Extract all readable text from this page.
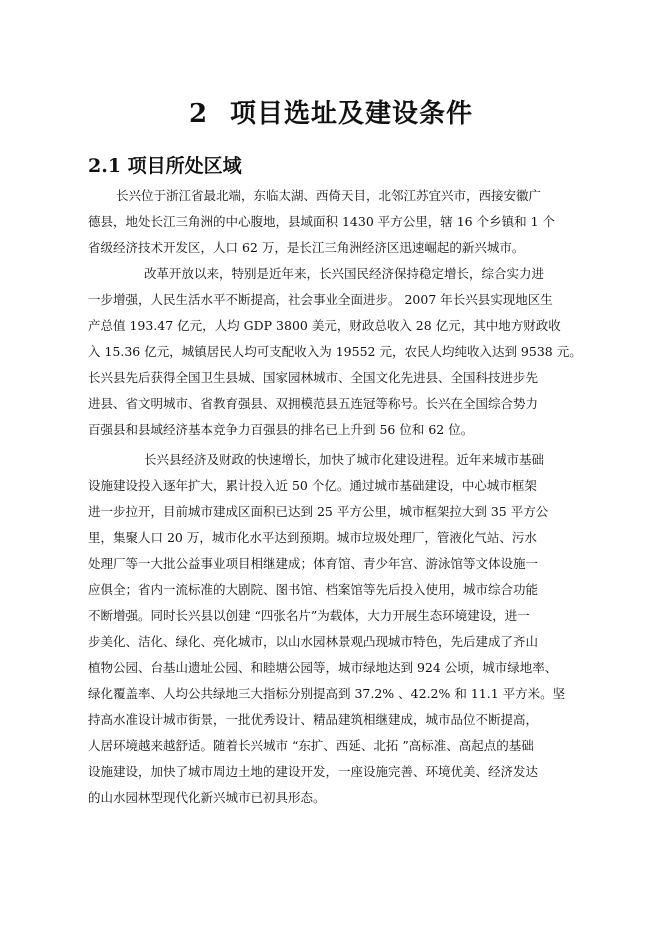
2 项目选址及建设条件
2.1 项目所处区域
长兴位于浙江省最北端，东临太湖、西倚天目，北邻江苏宜兴市，西接安徽广
德县，地处长江三角洲的中心腹地，县域面积 1430 平方公里，辖 16 个乡镇和 1 个
省级经济技术开发区，人口 62 万，是长江三角洲经济区迅速崛起的新兴城市。
改革开放以来，特别是近年来，长兴国民经济保持稳定增长，综合实力进
一步增强，人民生活水平不断提高，社会事业全面进步。 2007 年长兴县实现地区生
产总值 193.47 亿元，人均 GDP 3800 美元，财政总收入 28 亿元，其中地方财政收
入 15.36 亿元，城镇居民人均可支配收入为 19552 元，农民人均纯收入达到 9538 元。
长兴县先后获得全国卫生县城、国家园林城市、全国文化先进县、全国科技进步先
进县、省文明城市、省教育强县、双拥模范县五连冠等称号。长兴在全国综合势力
百强县和县域经济基本竞争力百强县的排名已上升到 56 位和 62 位。
长兴县经济及财政的快速增长，加快了城市化建设进程。近年来城市基础
设施建设投入逐年扩大，累计投入近 50 个亿。通过城市基础建设，中心城市框架
进一步拉开，目前城市建成区面积已达到 25 平方公里，城市框架拉大到 35 平方公
里，集聚人口 20 万，城市化水平达到预期。城市垃圾处理厂，管液化气站、污水
处理厂等一大批公益事业项目相继建成；体育馆、青少年宫、游泳馆等文体设施一
应俱全；省内一流标准的大剧院、图书馆、档案馆等先后投入使用，城市综合功能
不断增强。同时长兴县以创建 “四张名片”为载体，大力开展生态环境建设，进一
步美化、洁化、绿化、亮化城市，以山水园林景观凸现城市特色，先后建成了齐山
植物公园、台基山遗址公园、和睦塘公园等，城市绿地达到 924 公顷，城市绿地率、
绿化覆盖率、人均公共绿地三大指标分别提高到 37.2% 、42.2% 和 11.1 平方米。坚
持高水准设计城市街景，一批优秀设计、精品建筑相继建成，城市品位不断提高，
人居环境越来越舒适。随着长兴城市 “东扩、西延、北拓 ”高标准、高起点的基础
设施建设，加快了城市周边土地的建设开发，一座设施完善、环境优美、经济发达
的山水园林型现代化新兴城市已初具形态。
